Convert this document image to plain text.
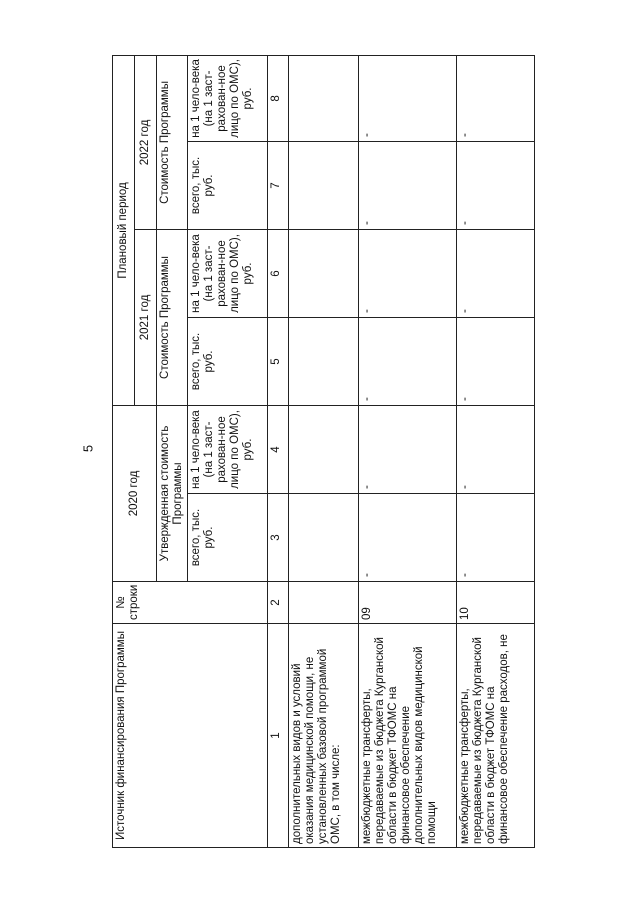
5
Источник финансирования Программы	№ строки	2020 год		Плановый период			
				2021 год		2022 год	
		Утвержденная стоимость Программы		Стоимость Программы		Стоимость Программы	
		всего, тыс. руб.	на 1 чело-века (на 1 заст-рахован-ное лицо по ОМС), руб.	всего, тыс. руб.	на 1 чело-века (на 1 заст-рахован-ное лицо по ОМС), руб.	всего, тыс. руб.	на 1 чело-века (на 1 заст-рахован-ное лицо по ОМС), руб.
1	2	3	4	5	6	7	8
дополнительных видов и условий оказания медицинской помощи, не установленных базовой программой ОМС, в том числе:							
межбюджетные трансферты, передаваемые из бюджета Курганской области в бюджет ТФОМС на финансовое обеспечение дополнительных видов медицинской помощи	09	-	-	-	-	-	-
межбюджетные трансферты, передаваемые из бюджета Курганской области в бюджет ТФОМС на финансовое обеспечение расходов, не	10	-	-	-	-	-	-
